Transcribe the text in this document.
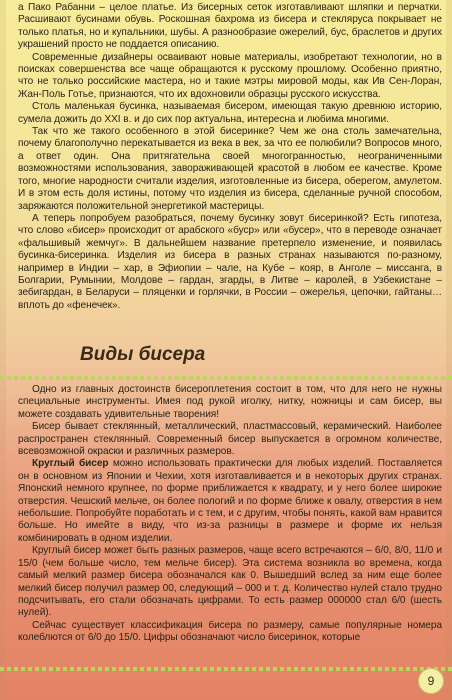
а Пако Рабанни – целое платье. Из бисерных сеток изготавливают шляпки и перчатки. Расшивают бусинами обувь. Роскошная бахрома из бисера и стеклярусa покрывает не только платья, но и купальники, шубы. А разнообразие ожерелий, бус, браслетов и других украшений просто не поддается описанию.

Современные дизайнеры осваивают новые материалы, изобретают технологии, но в поисках совершенства все чаще обращаются к русскому прошлому. Особенно приятно, что не только российские мастера, но и такие мэтры мировой моды, как Ив Сен-Лоран, Жан-Поль Готье, признаются, что их вдохновили образцы русского искусства.

Столь маленькая бусинка, называемая бисером, имеющая такую древнюю историю, сумела дожить до XXI в. и до сих пор актуальна, интересна и любима многими.

Так что же такого особенного в этой бисеринке? Чем же она столь замечательна, почему благополучно перекатывается из века в век, за что ее полюбили? Вопросов много, а ответ один. Она притягательна своей многогранностью, неограниченными возможностями использования, завораживающей красотой в любом ее качестве. Кроме того, многие народности считали изделия, изготовленные из бисера, оберегом, амулетом. И в этом есть доля истины, потому что изделия из бисера, сделанные ручной способом, заряжаются положительной энергетикой мастерицы.

А теперь попробуем разобраться, почему бусинку зовут бисеринкой? Есть гипотеза, что слово «бисер» происходит от арабского «буср» или «бусер», что в переводе означает «фальшивый жемчуг». В дальнейшем название претерпело изменение, и появилась бусинка-бисеринка. Изделия из бисера в разных странах называются по-разному, например в Индии – хар, в Эфиопии – чале, на Кубе – кояр, в Анголе – миссанга, в Болгарии, Румынии, Молдове – гардан, згарды, в Литве – каролей, в Узбекистане – зебигардан, в Беларуси – пляценки и горлячки, в России – ожерелья, цепочки, гайтаны… вплоть до «фенечек».

Виды бисера

Одно из главных достоинств бисероплетения состоит в том, что для него не нужны специальные инструменты. Имея под рукой иголку, нитку, ножницы и сам бисер, вы можете создавать удивительные творения!

Бисер бывает стеклянный, металлический, пластмассовый, керамический. Наиболее распространен стеклянный. Современный бисер выпускается в огромном количестве, всевозможной окраски и различных размеров.

Круглый бисер можно использовать практически для любых изделий. Поставляется он в основном из Японии и Чехии, хотя изготавливается и в некоторых других странах. Японский немного крупнее, по форме приближается к квадрату, и у него более широкие отверстия. Чешский мельче, он более пологий и по форме ближе к овалу, отверстия в нем небольшие. Попробуйте поработать и с тем, и с другим, чтобы понять, какой вам нравится больше. Но имейте в виду, что из-за разницы в размере и форме их нельзя комбинировать в одном изделии.

Круглый бисер может быть разных размеров, чаще всего встречаются – 6/0, 8/0, 11/0 и 15/0 (чем больше число, тем мельче бисер). Эта система возникла во времена, когда самый мелкий размер бисера обозначался как 0. Вышедший вслед за ним еще более мелкий бисер получил размер 00, следующий – 000 и т. д. Количество нулей стало трудно подсчитывать, его стали обозначать цифрами. То есть размер 000000 стал 6/0 (шесть нулей).

Сейчас существует классификация бисера по размеру, самые популярные номера колеблются от 6/0 до 15/0. Цифры обозначают число бисеринок, которые

9
